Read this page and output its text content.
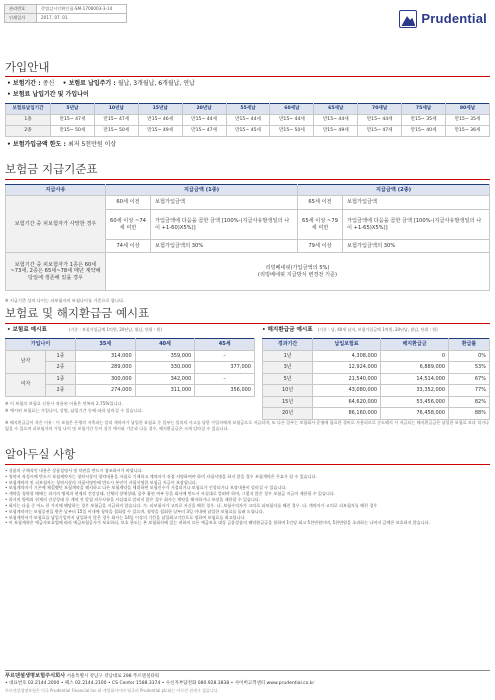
관리번호	준법감시인확인필-SM-1706003-3-14
인쇄일자	2017. 07. 01	Prudential
가입안내
• 보험기간 : 종신 • 보험료 납입주기 : 월납, 3개월납, 6개월납, 연납
• 보험료 납입기간 및 가입나이
보험료납입기간	5년납	10년납	15년납	20년납	55세납	60세납	65세납	70세납	75세납	80세납
1종	만15~ 47세	만15~ 47세	만15~ 46세	만15~ 44세	만15~ 44세	만15~ 44세	만15~ 44세	만15~ 44세	만15~ 35세	만15~ 35세
2종	만15~ 50세	만15~ 50세	만15~ 49세	만15~ 47세	만15~ 45세	만15~ 50세	만15~ 49세	만15~ 47세	만15~ 40세	만15~ 36세
• 보험가입금액 한도 : 최저 5천만원 이상
보험금 지급기준표
지급사유	지급금액 (1종)		지급금액 (2종)	
보험기간 중 피보험자가 사망한 경우	60세 이전	보험가입금액	65세 이전	보험가입금액
	60세 이상 ~74세 미만	가입금액에 다음을 곱한 금액 [100%-(지급사유발생일의 나이 +1-60)X5%)]	65세 이상 ~79세 미만	가입금액에 다음을 곱한 금액 [100%-(지급사유발생일의 나이 +1-65)X5%)]
	74세 이상	보험가입금액의 30%	79세 이상	보험가입금액의 30%
보험기간 중 피보험자가 1종은 60세~73세, 2종은 65세~78세 매년 계약해당일에 생존해 있을 경우	리빙베네핏(가입금액의 5%)
(리빙베네핏 지급방식 변경전 기준)			
※ 지급기준 상의 나이는 피보험자의 보험나이를 기준으로 합니다.
보험료 및 해지환급금 예시표
• 보험료 예시표	(기준 : 보험가입금액 1억원, 20년납, 월납, 단위 : 원)
가입나이		35세	40세	45세
남자	1종	314,000	359,000	–
	2종	289,000	330,000	377,000
여자	1종	300,000	342,000	–
	2종	274,000	311,000	356,000
※ 이 보험의 보험료 신용시 적용된 이율은 연복리 2.75%입니다.
※ 예시된 보험료는 가입나이, 성별, 납입기간 등에 따라 달라질 수 있습니다.
• 해지환급금 예시표 (기준 : 남, 40세 남자, 보험가입금액 1억원, 20년납, 월납, 단위 : 원)
경과기간	납입보험료	해지환급금	환급률
1년	4,308,000	0	0%
3년	12,924,000	6,889,000	53%
5년	21,540,000	14,514,000	67%
10년	43,080,000	33,352,000	77%
15년	64,620,000	53,456,000	82%
20년	86,160,000	76,458,000	88%
※ 해지환급금이 적은 이유 : 이 보험은 은행의 저축과는 달리 계약자가 납입한 보험료 중 일부는 불의의 사고를 당한 가입자에게 보험금으로 지급되며, 또 다른 일부는 보험회사 운영에 필요한 경비로 사용되므로 중도해지 시 지급되는 해지환급금은 납입한 보험료 보다 적거나 없을 수 있으며 피보험자의 가입 나이 및 보험기간 등이 상기 예시와 기준과 다를 경우, 해지환급금은 크게 달라질 수 있습니다.
알아두실 사항
• 상품의 구체적인 내용은 상품설명서 및 약관을 반드시 참조하시기 바랍니다.
• 청약서 작성시에 반드시 보험계약자는 청약서상의 청약내용을 자필로 기재하고 계약자가 직접 서명하여야 하며 자필서명을 하지 않을 경우 보험계약은 무효가 될 수 있습니다.
• 보험계약자 및 피보험자는 청약서상의 자필서명란에 반드시 본인이 자필서명한 보험금 지급이 보장됩니다.
• 보험계약자가 기존에 체결했던 보험계약을 해지하고 다른 보험계약을 체결하면 보험인수가 거절되거나 보험료가 인상되거나 보장내용이 달라질 수 있습니다.
• 계약을 청약할 때에는 과거의 병력과 현재의 건강상태, 신체의 장애상태, 음주 흡연 여부 등을 회사에 반드시 사실대로 알려야 하며, 그렇지 않은 경우 보험금 지급이 제한될 수 있습니다.
• 과거의 병력과 현재의 건강상태 등 계약 전 알릴 의무사항을 사실대로 알리지 않은 경우 회사는 계약을 해지하거나 보장을 제한할 수 있습니다.
• 회사는 다음 중 어느 한 가지에 해당하는 경우 보험금을 지급하지 않습니다. 가. 피보험자가 고의로 자신을 해친 경우. 나. 보험수익자가 고의로 피보험자를 해친 경우. 다. 계약자가 고의로 피보험자를 해친 경우
• 보험계약자는 보험증권을 받은 날부터 15일 이내에 청약을 철회할 수 있으며, 청약을 철회한 날부터 3일 이내에 납입한 보험료를 돌려 드립니다.
• 보험계약자가 보험료를 납입기일까지 납입하지 않은 경우 회사는 14일 이상의 기간을 납입최고기간으로 정하여 보험료를 최고합니다.
• 이 보험계약은 예금자보호법에 따라 예금보험공사가 보호하되, 보호 한도는 본 보험회사에 있는 귀하의 모든 예금보호 대상 금융상품의 해약환급금을 합하여 1인당 최고 5천만원이며, 5천만원을 초과하는 나머지 금액은 보호하지 않습니다.
푸르덴셜생명보험주식회사 서울특별시 강남구 강남대로 298 푸르덴셜타워
• 대표번호 02.2144.2000 • 팩스 02.2144.2100 • CS Center 1588.3374 • 수신자부담전화 080.928.3838 • 사이버고객센터 www.prudential.co.kr
푸르덴셜생명보험은 미국 Prudential Financial Inc.와 계열회사이며 영국의 Prudential plc와는 아무런 관계가 없습니다.
